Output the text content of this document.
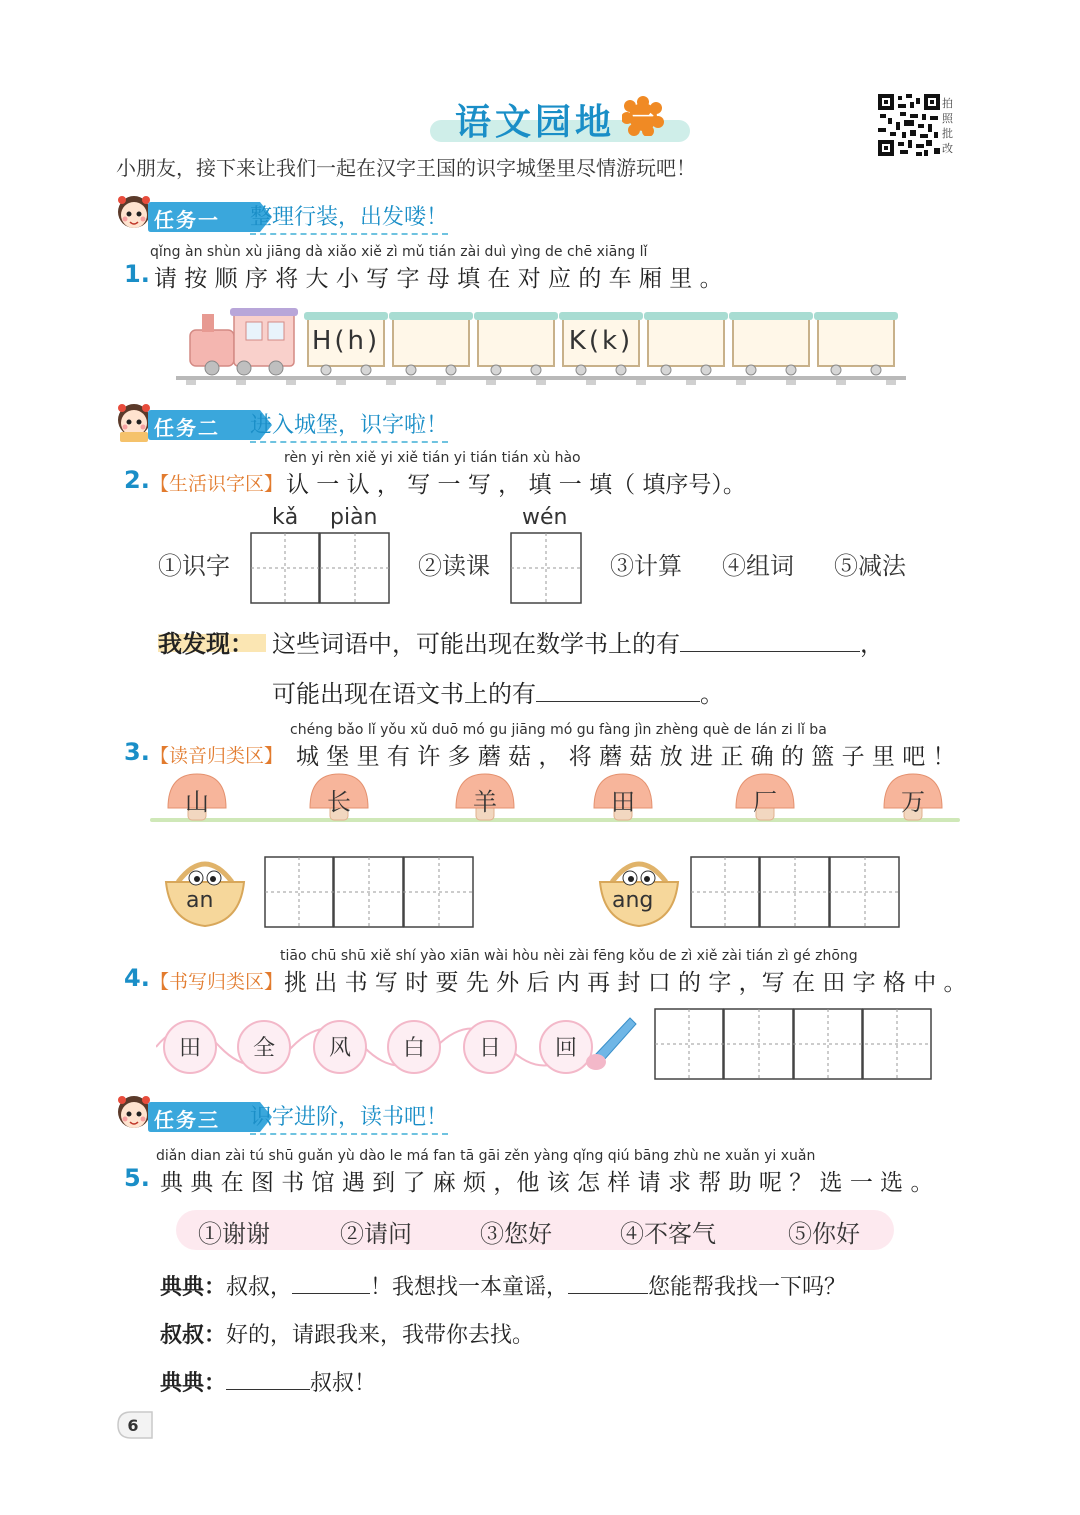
语文园地 一
拍照批改
小朋友，接下来让我们一起在汉字王国的识字城堡里尽情游玩吧！
任务一 整理行装，出发喽！
qǐng àn shùn xù jiāng dà xiǎo xiě zì mǔ tián zài duì yìng de chē xiāng lǐ
1. 请 按 顺 序 将 大 小 写 字 母 填 在 对 应 的 车 厢 里 。
H(h)	K(k)
任务二 进入城堡，识字啦！
rèn yi rèn xiě yi xiě tián yi tián tián xù hào
2. 【生活识字区】 认 一 认 ， 写 一 写 ， 填 一 填（ 填序号）。
kǎ piàn	wén
①识字	②读课	③计算 ④组词 ⑤减法
我发现： 这些词语中，可能出现在数学书上的有	，
可能出现在语文书上的有	。
chéng bǎo lǐ yǒu xǔ duō mó gu jiāng mó gu fàng jìn zhèng què de lán zi lǐ ba
3. 【读音归类区】 城 堡 里 有 许 多 蘑 菇 ， 将 蘑 菇 放 进 正 确 的 篮 子 里 吧 ！
山	长	羊	田	厂	万
an	ang
tiāo chū shū xiě shí yào xiān wài hòu nèi zài fēng kǒu de zì xiě zài tián zì gé zhōng
4. 【书写归类区】 挑 出 书 写 时 要 先 外 后 内 再 封 口 的 字 ，写 在 田 字 格 中 。
田	全	风	白	日	回
任务三 识字进阶，读书吧！
diǎn dian zài tú shū guǎn yù dào le má fan tā gāi zěn yàng qǐng qiú bāng zhù ne xuǎn yi xuǎn
5. 典 典 在 图 书 馆 遇 到 了 麻 烦 ，他 该 怎 样 请 求 帮 助 呢 ？ 选 一 选 。
①谢谢	②请问	③您好	④不客气	⑤你好
典典：叔叔，	！我想找一本童谣，	您能帮我找一下吗？
叔叔：好的，请跟我来，我带你去找。
典典：	叔叔！
6
